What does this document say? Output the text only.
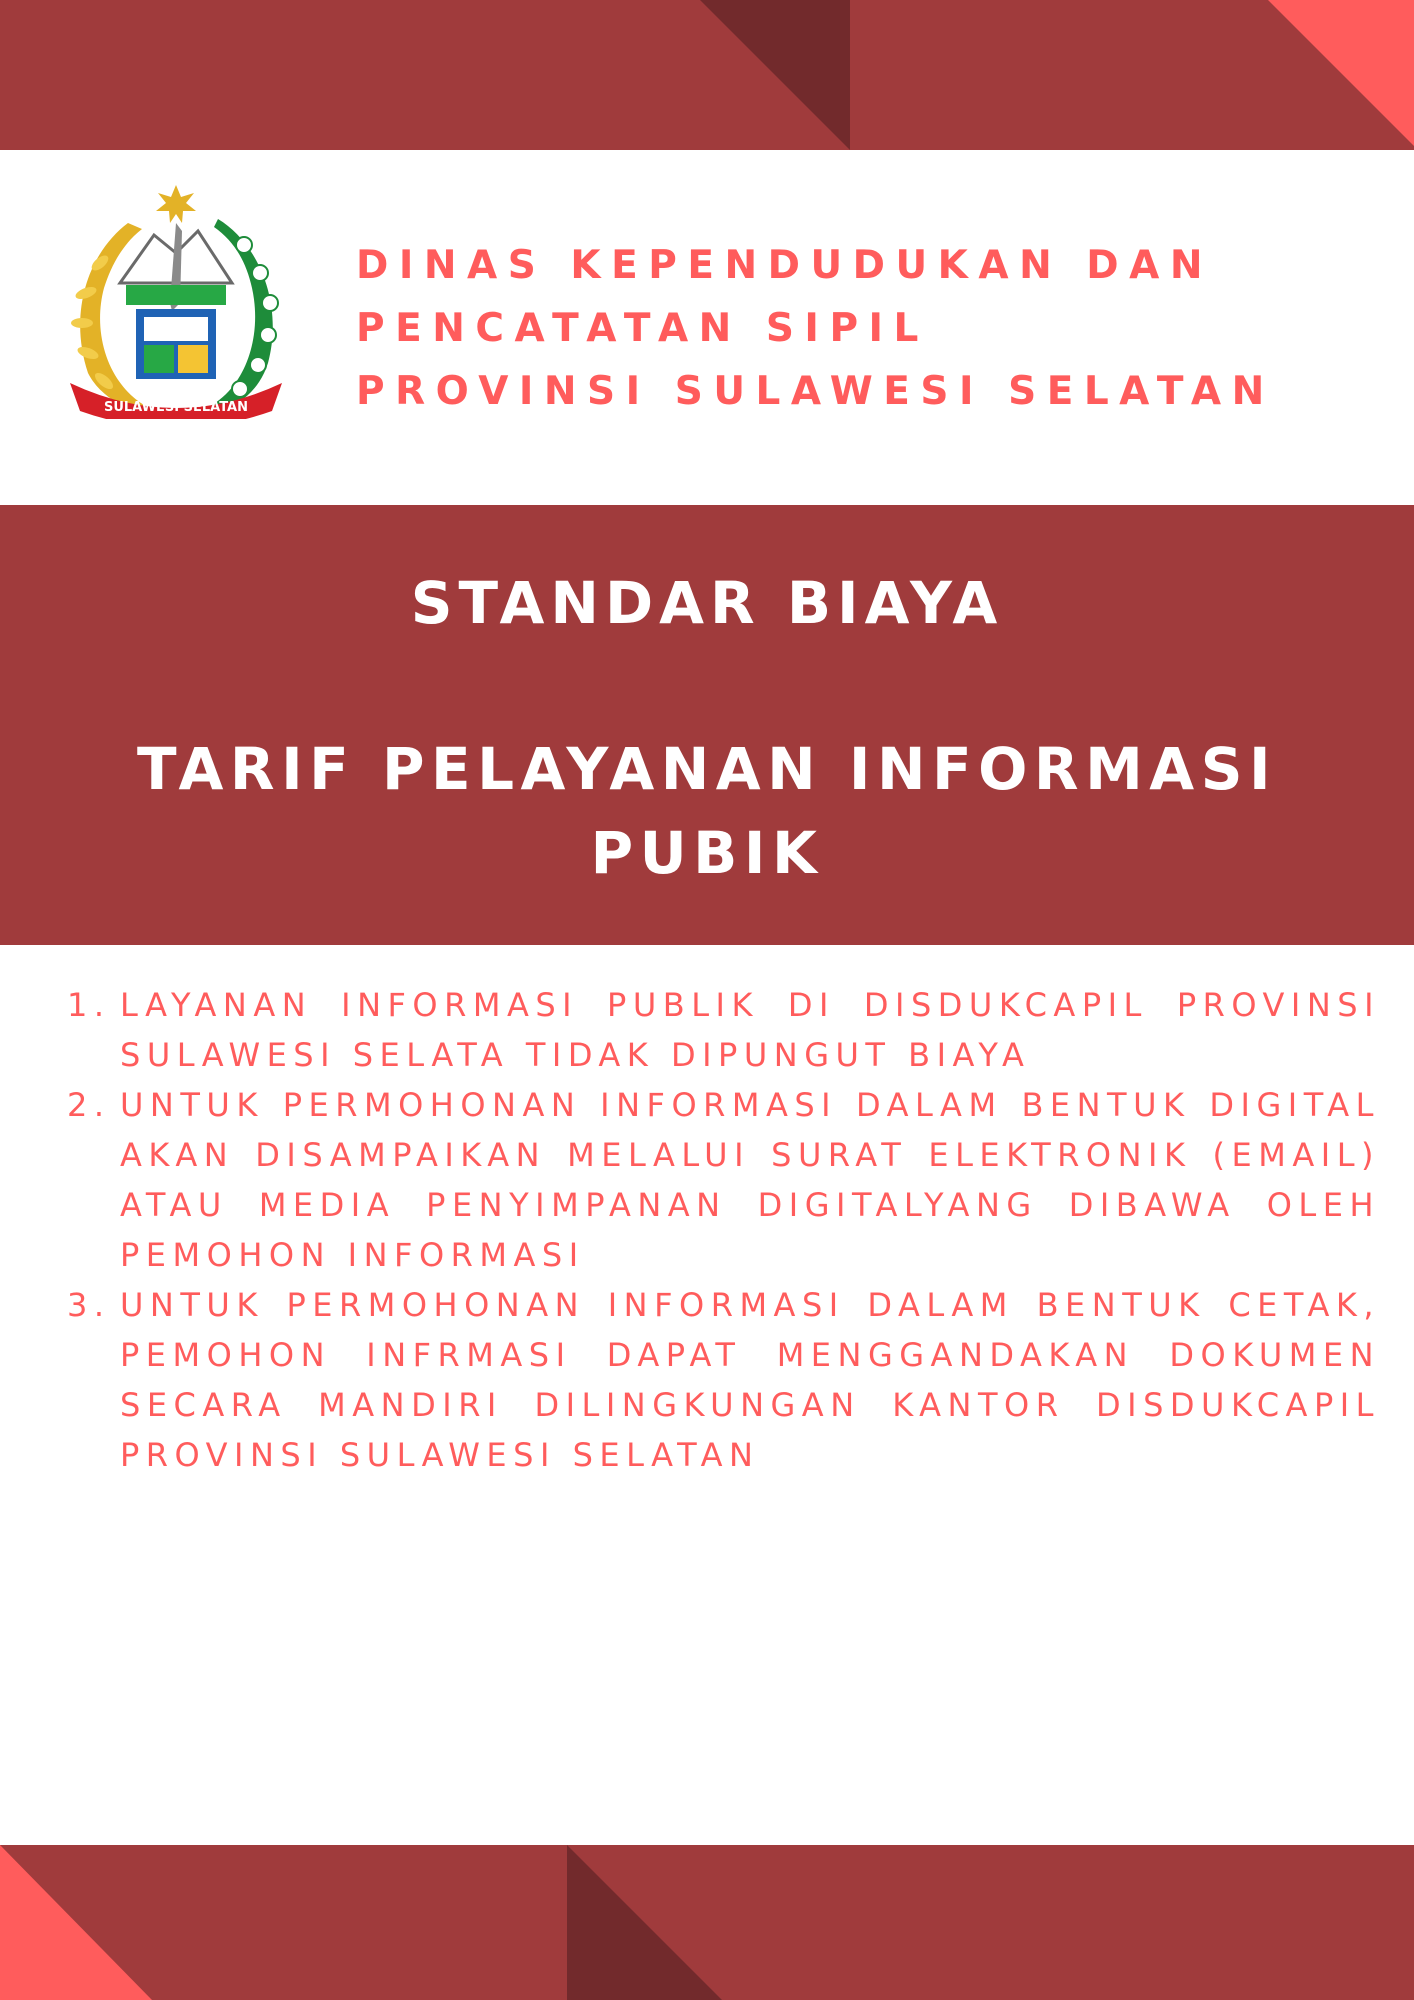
SULAWESI SELATAN
DINAS KEPENDUDUKAN DAN
PENCATATAN SIPIL
PROVINSI SULAWESI SELATAN
STANDAR BIAYA
TARIF PELAYANAN INFORMASI PUBIK
1. LAYANAN INFORMASI PUBLIK DI DISDUKCAPIL PROVINSI SULAWESI SELATA TIDAK DIPUNGUT BIAYA
2. UNTUK PERMOHONAN INFORMASI DALAM BENTUK DIGITAL AKAN DISAMPAIKAN MELALUI SURAT ELEKTRONIK (EMAIL) ATAU MEDIA PENYIMPANAN DIGITALYANG DIBAWA OLEH PEMOHON INFORMASI
3. UNTUK PERMOHONAN INFORMASI DALAM BENTUK CETAK, PEMOHON INFRMASI DAPAT MENGGANDAKAN DOKUMEN SECARA MANDIRI DILINGKUNGAN KANTOR DISDUKCAPIL PROVINSI SULAWESI SELATAN
